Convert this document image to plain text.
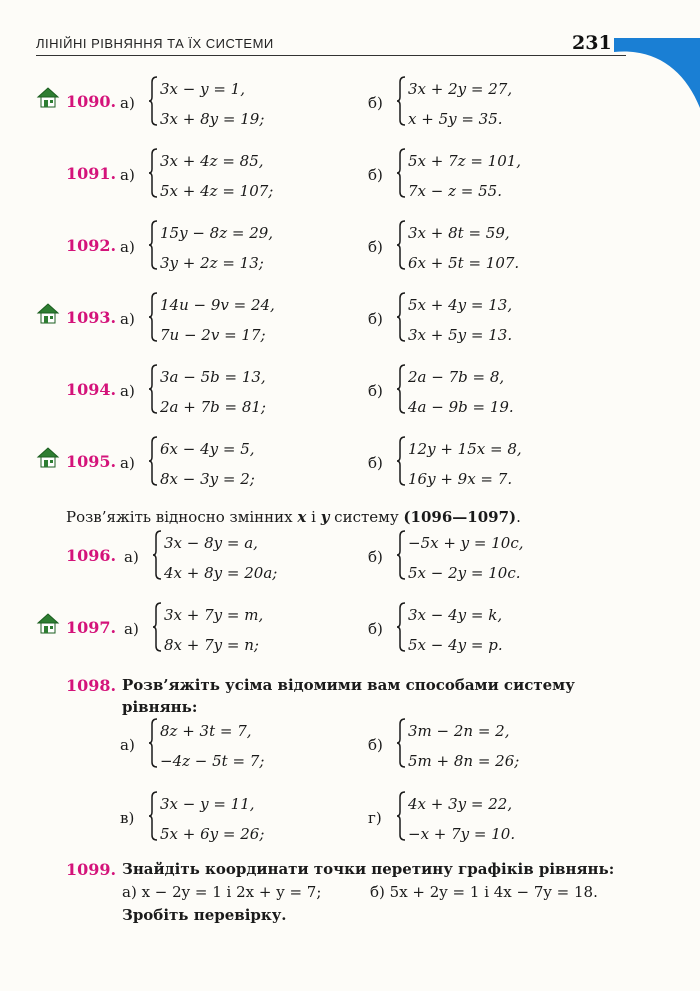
ЛІНІЙНІ РІВНЯННЯ ТА ЇХ СИСТЕМИ	231
1090. а)
3x − y = 1,
3x + 8y = 19;
б)
3x + 2y = 27,
x + 5y = 35.
1091. а)
3x + 4z = 85,
5x + 4z = 107;
б)
5x + 7z = 101,
7x − z = 55.
1092. а)
15y − 8z = 29,
3y + 2z = 13;
б)
3x + 8t = 59,
6x + 5t = 107.
1093. а)
14u − 9v = 24,
7u − 2v = 17;
б)
5x + 4y = 13,
3x + 5y = 13.
1094. а)
3a − 5b = 13,
2a + 7b = 81;
б)
2a − 7b = 8,
4a − 9b = 19.
1095. а)
6x − 4y = 5,
8x − 3y = 2;
б)
12y + 15x = 8,
16y + 9x = 7.
Розв’яжіть відносно змінних x і y систему (1096—1097).
1096. а)
3x − 8y = a,
4x + 8y = 20a;
б)
−5x + y = 10c,
5x − 2y = 10c.
1097. а)
3x + 7y = m,
8x + 7y = n;
б)
3x − 4y = k,
5x − 4y = p.
1098. Розв’яжіть усіма відомими вам способами систему
рівнянь:
а)
8z + 3t = 7,
−4z − 5t = 7;
б)
3m − 2n = 2,
5m + 8n = 26;
в)
3x − y = 11,
5x + 6y = 26;
г)
4x + 3y = 22,
−x + 7y = 10.
1099. Знайдіть координати точки перетину графіків рівнянь:
а) x − 2y = 1 і 2x + y = 7;	б) 5x + 2y = 1 і 4x − 7y = 18.
Зробіть перевірку.
